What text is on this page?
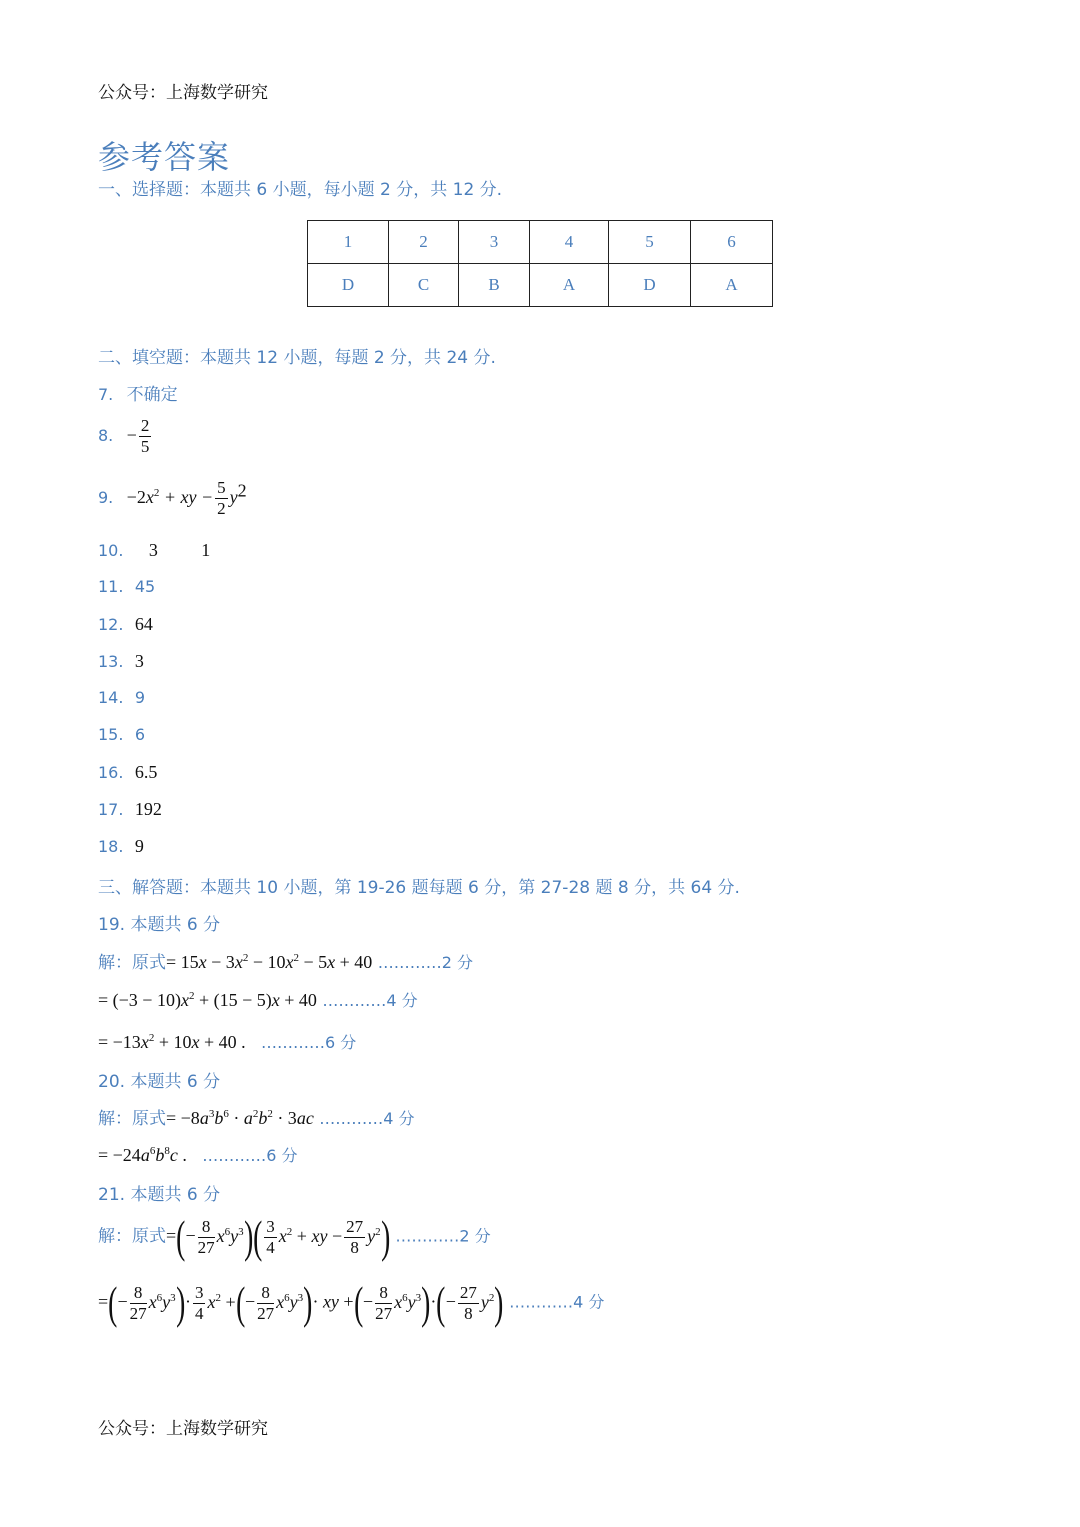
公众号：上海数学研究
参考答案
一、选择题：本题共 6 小题，每小题 2 分，共 12 分.
1	2	3	4	5	6
D	C	B	A	D	A
二、填空题：本题共 12 小题，每题 2 分，共 24 分.
7. 不确定
8. − $\frac{2}{5}$
9. $-2x^2$ + xy − $\frac{5}{2} y^2$
10. 3 1
11. 45
12. 64
13. 3
14. 9
15. 6
16. 6.5
17. 192
18. 9
三、解答题：本题共 10 小题，第 19-26 题每题 6 分，第 27-28 题 8 分，共 64 分.
19. 本题共 6 分
解：原式= $15x - 3x^2 - 10x^2 - 5x + 40$ …………2 分
= $(-3 - 10)x^2 + (15 - 5)x + 40$ …………4 分
= $-13x^2 + 10x + 40$ . …………6 分
20. 本题共 6 分
解：原式= $-8a^3b^6 \cdot a^2b^2 \cdot 3ac$ …………4 分
= $-24a^6b^8c$ . …………6 分
21. 本题共 6 分
解：原式=(− $\frac{8}{27} x^6y^3)( \frac{3}{4} x^2$ + xy − $\frac{27}{8} y^2$) …………2 分
=(− $\frac{8}{27} x^6y^3)\cdot \frac{3}{4} x^2$ +(− $\frac{8}{27} x^6y^3)\cdot$ xy +(− $\frac{8}{27} x^6y^3)\cdot(- \frac{27}{8} y^2)$ …………4 分
公众号：上海数学研究
